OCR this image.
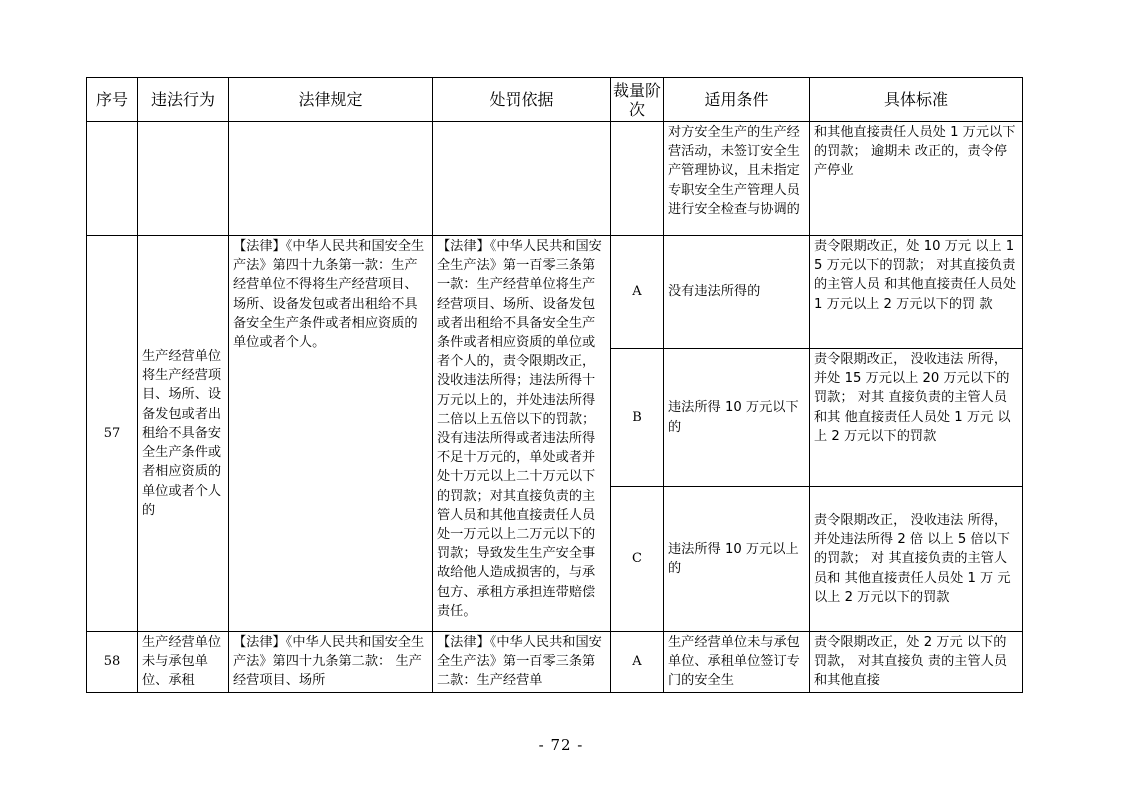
序号	违法行为	法律规定	处罚依据	裁量阶次	适用条件	具体标准
					对方安全生产的生产经营活动，未签订安全生产管理协议，且未指定专职安全生产管理人员进行安全检查与协调的	和其他直接责任人员处 1 万元以下的罚款； 逾期未 改正的，责令停产停业
57	生产经营单位将生产经营项目、场所、设备发包或者出租给不具备安全生产条件或者相应资质的单位或者个人的	【法律】《中华人民共和国安全生产法》第四十九条第一款：生产经营单位不得将生产经营项目、场所、设备发包或者出租给不具备安全生产条件或者相应资质的单位或者个人。	【法律】《中华人民共和国安全生产法》第一百零三条第一款：生产经营单位将生产经营项目、场所、设备发包或者出租给不具备安全生产条件或者相应资质的单位或者个人的，责令限期改正，没收违法所得；违法所得十万元以上的，并处违法所得二倍以上五倍以下的罚款；没有违法所得或者违法所得不足十万元的，单处或者并处十万元以上二十万元以下的罚款；对其直接负责的主管人员和其他直接责任人员处一万元以上二万元以下的罚款；导致发生生产安全事故给他人造成损害的，与承包方、承租方承担连带赔偿责任。	A	没有违法所得的	责令限期改正，处 10 万元 以上 15 万元以下的罚款； 对其直接负责的主管人员 和其他直接责任人员处 1 万元以上 2 万元以下的罚 款
				B	违法所得 10 万元以下的	责令限期改正， 没收违法 所得， 并处 15 万元以上 20 万元以下的罚款； 对其 直接负责的主管人员和其 他直接责任人员处 1 万元 以上 2 万元以下的罚款
				C	违法所得 10 万元以上的	责令限期改正， 没收违法 所得， 并处违法所得 2 倍 以上 5 倍以下的罚款； 对 其直接负责的主管人员和 其他直接责任人员处 1 万 元以上 2 万元以下的罚款
58	生产经营单位未与承包单位、承租	【法律】《中华人民共和国安全生产法》第四十九条第二款： 生产经营项目、场所	【法律】《中华人民共和国安全生产法》第一百零三条第二款：生产经营单	A	生产经营单位未与承包单位、承租单位签订专门的安全生	责令限期改正，处 2 万元 以下的罚款， 对其直接负 责的主管人员和其他直接
- 72 -
